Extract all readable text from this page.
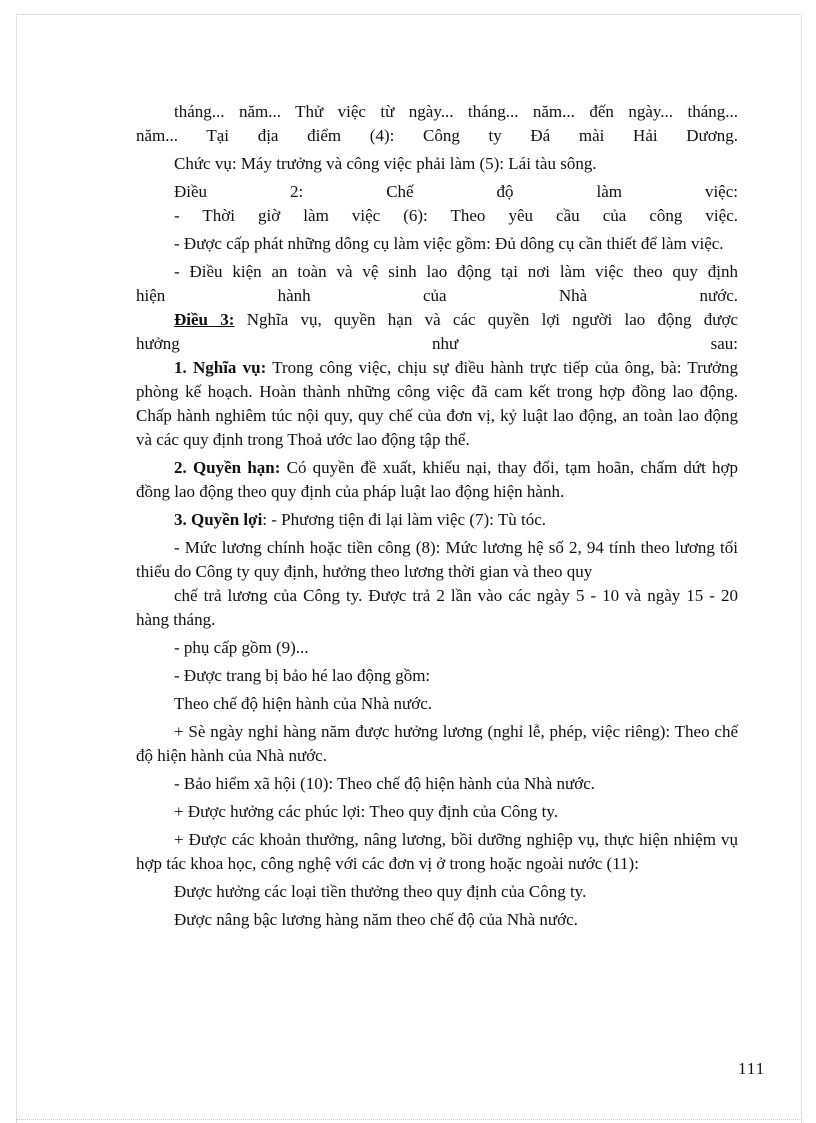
tháng... năm... Thử việc từ ngày... tháng... năm... đến ngày... tháng...

năm... Tại địa điểm (4): Công ty Đá mài Hải Dương.

Chức vụ: Máy trưởng và công việc phải làm (5): Lái tàu sông.

Điều 2: Chế độ làm việc:

- Thời giờ làm việc (6): Theo yêu cầu của công việc.

- Được cấp phát những dông cụ làm việc gồm: Đủ dông cụ cần thiết để làm việc.

- Điều kiện an toàn và vệ sinh lao động tại nơi làm việc theo quy định

hiện hành của Nhà nước.

Điều 3: Nghĩa vụ, quyền hạn và các quyền lợi người lao động được

hưởng như sau:

1. Nghĩa vụ: Trong công việc, chịu sự điều hành trực tiếp của ông, bà: Trưởng phòng kế hoạch. Hoàn thành những công việc đã cam kết trong hợp đồng lao động. Chấp hành nghiêm túc nội quy, quy chế của đơn vị, kỷ luật lao động, an toàn lao động và các quy định trong Thoả ước lao động tập thể.

2. Quyền hạn: Có quyền đề xuất, khiếu nại, thay đổi, tạm hoãn, chấm dứt hợp đồng lao động theo quy định của pháp luật lao động hiện hành.

3. Quyền lợi: - Phương tiện đi lại làm việc (7): Tù tóc.

- Mức lương chính hoặc tiền công (8): Mức lương hệ số 2, 94 tính theo lương tối thiểu do Công ty quy định, hưởng theo lương thời gian và theo quy

chế trả lương của Công ty. Được trả 2 lần vào các ngày 5 - 10 và ngày 15 - 20 hàng tháng.

- phụ cấp gồm (9)...

- Được trang bị bảo hé lao động gồm:

Theo chế độ hiện hành của Nhà nước.

+ Sè ngày nghỉ hàng năm được hưởng lương (nghỉ lễ, phép, việc riêng): Theo chế độ hiện hành của Nhà nước.

- Bảo hiểm xã hội (10): Theo chế độ hiện hành của Nhà nước.

+ Được hưởng các phúc lợi: Theo quy định của Công ty.

+ Được các khoản thưởng, nâng lương, bồi dưỡng nghiệp vụ, thực hiện nhiệm vụ hợp tác khoa học, công nghệ với các đơn vị ở trong hoặc ngoài nước (11):

Được hưởng các loại tiền thưởng theo quy định của Công ty.

Được nâng bậc lương hàng năm theo chế độ của Nhà nước.

111
